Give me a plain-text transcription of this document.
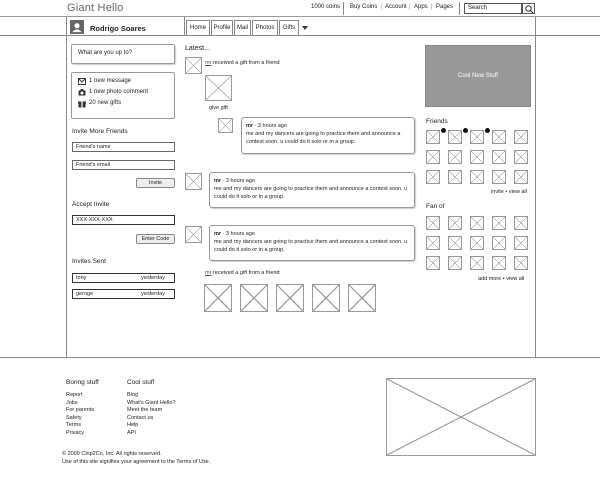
Giant Hello	1000 coins Buy Coins | Account | Apps | Pages	Search
Rodrigo Soares	Home	Profile	Mail	Photos	Gifts
What are you up to?
1 new message
1 new photo comment
20 new gifts
Invite More Friends
Friend's name
Friend's email
Invite
Accept Invite
XXX-XXX-XXX
Enter Code
Invites Sent
tony	yesterday
geroge	yesterday
Latest...
mr received a gift from a friend
give gift
mr · 3 hours ago
me and my dancers are going to practice them and announce a contest soon. u could do it solo or in a group.
mr · 3 hours ago
me and my dancers are going to practice them and announce a contest soon. u could do it solo or in a group.
mr · 3 hours ago
me and my dancers are going to practice them and announce a contest soon. u could do it solo or in a group.
mr received a gift from a friend
Cool New Stuff
Friends
invite • view all
Fan of
add more • view all
Boring stuff
Report
Jobs
For parents
Safety
Terms
Privacy
Cool stuff
Blog
What's Giant Hello?
Meet the team
Contact us
Help
API
© 2009 Chip2Co, Inc. All rights reserved.
Use of this site signifies your agreement to the Terms of Use.
